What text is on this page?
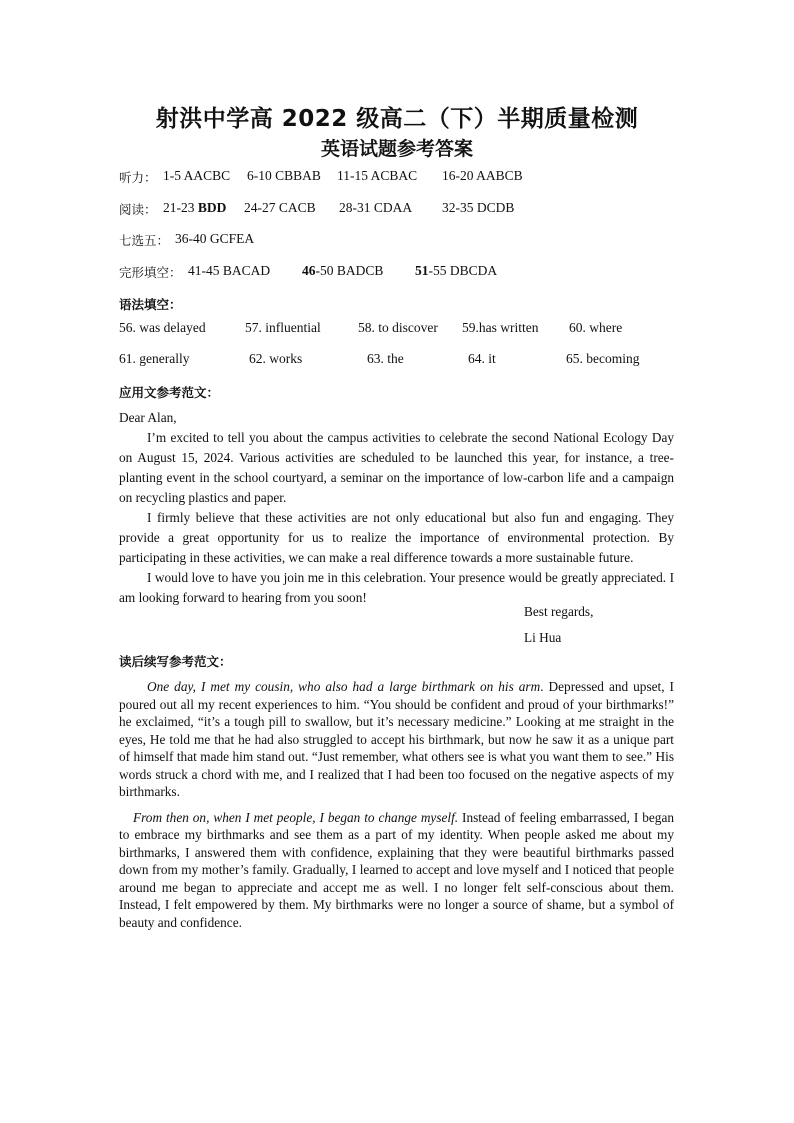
射洪中学高 2022 级高二（下）半期质量检测
英语试题参考答案
听力： 1-5 AACBC 6-10 CBBAB 11-15 ACBAC 16-20 AABCB
阅读： 21-23 BDD 24-27 CACB 28-31 CDAA 32-35 DCDB
七选五： 36-40 GCFEA
完形填空： 41-45 BACAD 46-50 BADCB 51-55 DBCDA
语法填空：
56. was delayed	57. influential	58. to discover 59.has written 60. where
61. generally	62. works	63. the	64. it	65. becoming
应用文参考范文：

Dear Alan,

I’m excited to tell you about the campus activities to celebrate the second National Ecology Day on August 15, 2024. Various activities are scheduled to be launched this year, for instance, a tree-planting event in the school courtyard, a seminar on the importance of low-carbon life and a campaign on recycling plastics and paper.

I firmly believe that these activities are not only educational but also fun and engaging. They provide a great opportunity for us to realize the importance of environmental protection. By participating in these activities, we can make a real difference towards a more sustainable future.

I would love to have you join me in this celebration. Your presence would be greatly appreciated. I am looking forward to hearing from you soon!

Best regards,
Li Hua
读后续写参考范文：

One day, I met my cousin, who also had a large birthmark on his arm. Depressed and upset, I poured out all my recent experiences to him. “You should be confident and proud of your birthmarks!” he exclaimed, “it’s a tough pill to swallow, but it’s necessary medicine.” Looking at me straight in the eyes, He told me that he had also struggled to accept his birthmark, but now he saw it as a unique part of himself that made him stand out. “Just remember, what others see is what you want them to see.” His words struck a chord with me, and I realized that I had been too focused on the negative aspects of my birthmarks.

From then on, when I met people, I began to change myself. Instead of feeling embarrassed, I began to embrace my birthmarks and see them as a part of my identity. When people asked me about my birthmarks, I answered them with confidence, explaining that they were beautiful birthmarks passed down from my mother’s family. Gradually, I learned to accept and love myself and I noticed that people around me began to appreciate and accept me as well. I no longer felt self-conscious about them. Instead, I felt empowered by them. My birthmarks were no longer a source of shame, but a symbol of beauty and confidence.
